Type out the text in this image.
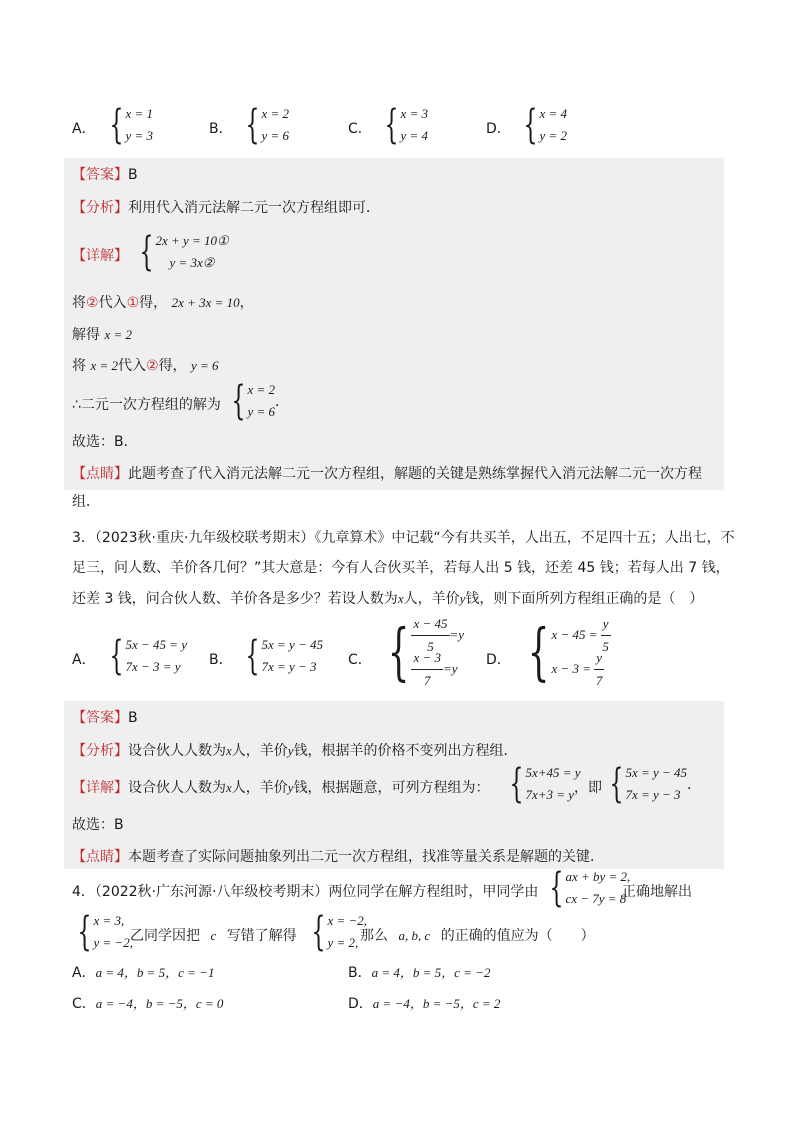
A． { x = 1
y = 3	B． { x = 2
y = 6	C． { x = 3
y = 4	D． { x = 4
y = 2
【答案】B
【分析】利用代入消元法解二元一次方程组即可．
【详解】 { 2x + y = 10①
y = 3x②
将②代入①得， 2x + 3x = 10，
解得 x = 2
将 x = 2代入②得， y = 6
∴二元一次方程组的解为 { x = 2
y = 6
．
故选：B．
【点睛】此题考查了代入消元法解二元一次方程组，解题的关键是熟练掌握代入消元法解二元一次方程
组．
3．（2023秋·重庆·九年级校联考期末）《九章算术》中记载“今有共买羊，人出五，不足四十五；人出七，不
足三，问人数、羊价各几何？”其大意是：今有人合伙买羊，若每人出 5 钱，还差 45 钱；若每人出 7 钱，
还差 3 钱，问合伙人数、羊价各是多少？若设人数为x人，羊价y钱，则下面所列方程组正确的是（　）
A． { 5x − 45 = y
7x − 3 = y	B． { 5x = y − 45
7x = y − 3	C． { $\frac{x - 45}{5} =y$
$\frac{x - 3}{7} =y$
D． { x − 45 =
$\frac{y}{5}$
x − 3 =
$\frac{y}{7}$
【答案】B
【分析】设合伙人人数为x人，羊价y钱，根据羊的价格不变列出方程组．
【详解】设合伙人人数为x人，羊价y钱，根据题意，可列方程组为： { 5x+45 = y
7x+3 = y ，即 { 5x = y − 45
7x = y − 3
．
故选：B
【点睛】本题考查了实际问题抽象列出二元一次方程组，找准等量关系是解题的关键．
4．（2022秋·广东河源·八年级校考期末）两位同学在解方程组时，甲同学由 { ax + by = 2,
cx − 7y = 8
正确地解出
{ x = 3,
y = −2,
乙同学因把 c 写错了解得 { x = −2,
y = 2, 那么 a, b, c 的正确的值应为（　　）
A．a = 4，b = 5，c = −1	B．a = 4，b = 5，c = −2
C．a = −4，b = −5，c = 0	D．a = −4，b = −5，c = 2
